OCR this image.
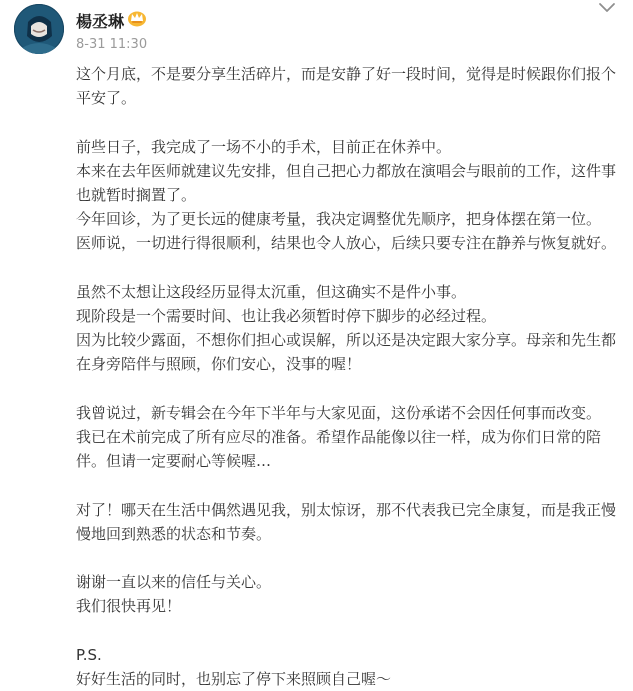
楊丞琳
8-31 11:30

这个月底，不是要分享生活碎片，而是安静了好一段时间，觉得是时候跟你们报个
平安了。

前些日子，我完成了一场不小的手术，目前正在休养中。
本来在去年医师就建议先安排，但自己把心力都放在演唱会与眼前的工作，这件事
也就暂时搁置了。
今年回诊，为了更长远的健康考量，我决定调整优先顺序，把身体摆在第一位。
医师说，一切进行得很顺利，结果也令人放心，后续只要专注在静养与恢复就好。

虽然不太想让这段经历显得太沉重，但这确实不是件小事。
现阶段是一个需要时间、也让我必须暂时停下脚步的必经过程。
因为比较少露面，不想你们担心或误解，所以还是决定跟大家分享。母亲和先生都
在身旁陪伴与照顾，你们安心，没事的喔！

我曾说过，新专辑会在今年下半年与大家见面，这份承诺不会因任何事而改变。
我已在术前完成了所有应尽的准备。希望作品能像以往一样，成为你们日常的陪
伴。但请一定要耐心等候喔…

对了！哪天在生活中偶然遇见我，别太惊讶，那不代表我已完全康复，而是我正慢
慢地回到熟悉的状态和节奏。

谢谢一直以来的信任与关心。
我们很快再见！

P.S.
好好生活的同时，也别忘了停下来照顾自己喔～
